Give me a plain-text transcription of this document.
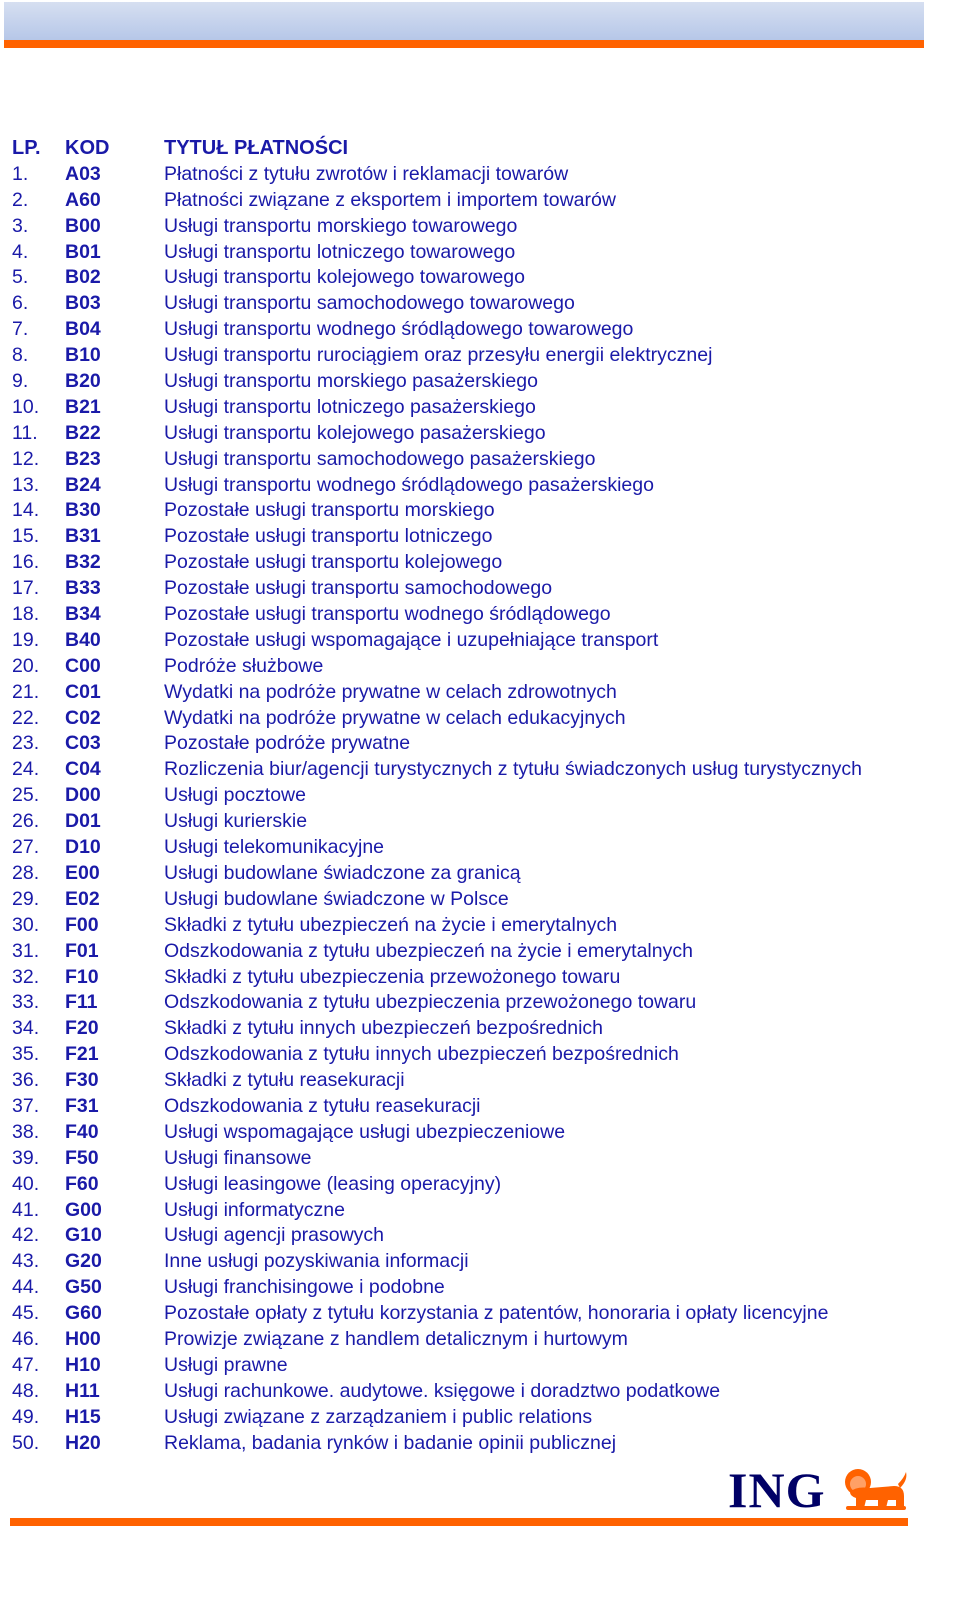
LP. KOD	TYTUŁ PŁATNOŚCI
1. A03	Płatności z tytułu zwrotów i reklamacji towarów
2. A60	Płatności związane z eksportem i importem towarów
3. B00	Usługi transportu morskiego towarowego
4. B01	Usługi transportu lotniczego towarowego
5. B02	Usługi transportu kolejowego towarowego
6. B03	Usługi transportu samochodowego towarowego
7. B04	Usługi transportu wodnego śródlądowego towarowego
8. B10	Usługi transportu rurociągiem oraz przesyłu energii elektrycznej
9. B20	Usługi transportu morskiego pasażerskiego
10. B21	Usługi transportu lotniczego pasażerskiego
11. B22	Usługi transportu kolejowego pasażerskiego
12. B23	Usługi transportu samochodowego pasażerskiego
13. B24	Usługi transportu wodnego śródlądowego pasażerskiego
14. B30	Pozostałe usługi transportu morskiego
15. B31	Pozostałe usługi transportu lotniczego
16. B32	Pozostałe usługi transportu kolejowego
17. B33	Pozostałe usługi transportu samochodowego
18. B34	Pozostałe usługi transportu wodnego śródlądowego
19. B40	Pozostałe usługi wspomagające i uzupełniające transport
20. C00	Podróże służbowe
21. C01	Wydatki na podróże prywatne w celach zdrowotnych
22. C02	Wydatki na podróże prywatne w celach edukacyjnych
23. C03	Pozostałe podróże prywatne
24. C04	Rozliczenia biur/agencji turystycznych z tytułu świadczonych usług turystycznych
25. D00	Usługi pocztowe
26. D01	Usługi kurierskie
27. D10	Usługi telekomunikacyjne
28. E00	Usługi budowlane świadczone za granicą
29. E02	Usługi budowlane świadczone w Polsce
30. F00	Składki z tytułu ubezpieczeń na życie i emerytalnych
31. F01	Odszkodowania z tytułu ubezpieczeń na życie i emerytalnych
32. F10	Składki z tytułu ubezpieczenia przewożonego towaru
33. F11	Odszkodowania z tytułu ubezpieczenia przewożonego towaru
34. F20	Składki z tytułu innych ubezpieczeń bezpośrednich
35. F21	Odszkodowania z tytułu innych ubezpieczeń bezpośrednich
36. F30	Składki z tytułu reasekuracji
37. F31	Odszkodowania z tytułu reasekuracji
38. F40	Usługi wspomagające usługi ubezpieczeniowe
39. F50	Usługi finansowe
40. F60	Usługi leasingowe (leasing operacyjny)
41. G00	Usługi informatyczne
42. G10	Usługi agencji prasowych
43. G20	Inne usługi pozyskiwania informacji
44. G50	Usługi franchisingowe i podobne
45. G60	Pozostałe opłaty z tytułu korzystania z patentów, honoraria i opłaty licencyjne
46. H00	Prowizje związane z handlem detalicznym i hurtowym
47. H10	Usługi prawne
48. H11	Usługi rachunkowe. audytowe. księgowe i doradztwo podatkowe
49. H15	Usługi związane z zarządzaniem i public relations
50. H20	Reklama, badania rynków i badanie opinii publicznej
ING
